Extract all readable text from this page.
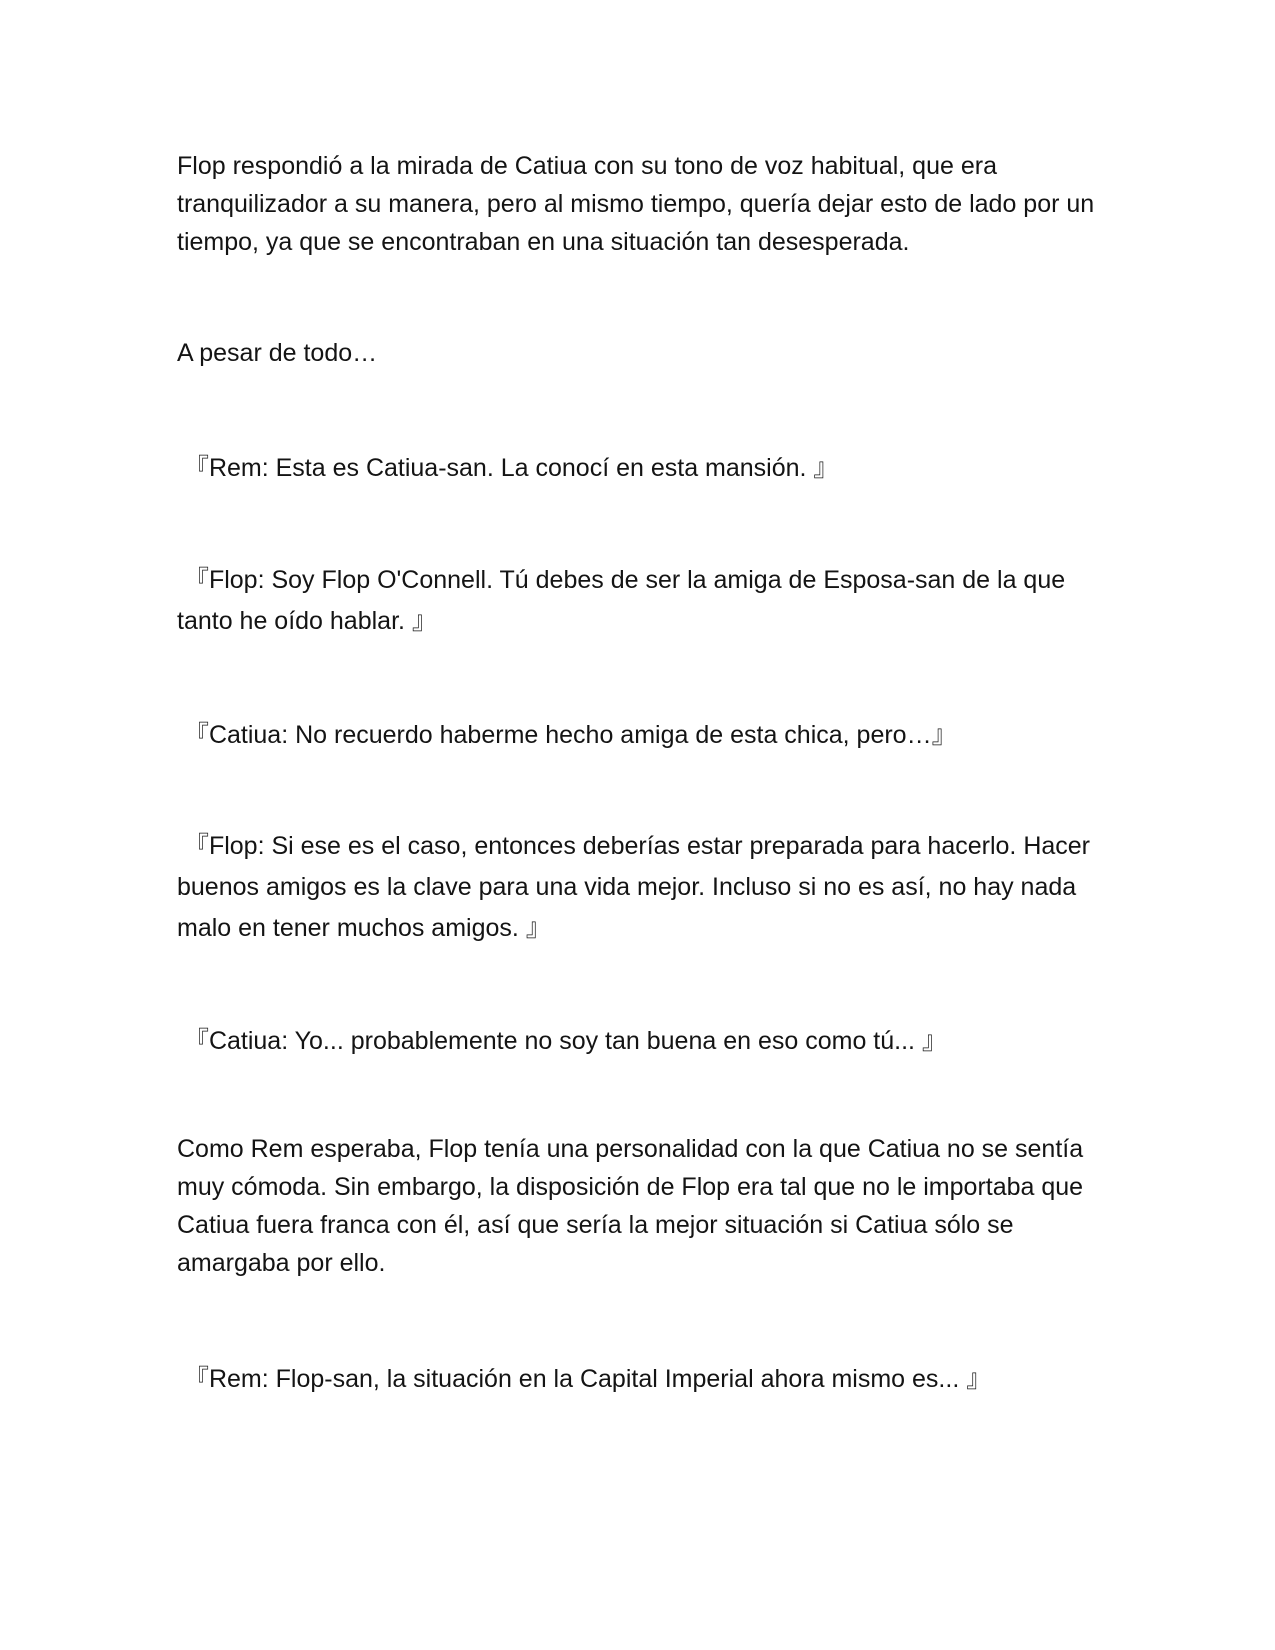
Flop respondió a la mirada de Catiua con su tono de voz habitual, que era tranquilizador a su manera, pero al mismo tiempo, quería dejar esto de lado por un tiempo, ya que se encontraban en una situación tan desesperada.

A pesar de todo…

『Rem: Esta es Catiua-san. La conocí en esta mansión. 』

『Flop: Soy Flop O'Connell. Tú debes de ser la amiga de Esposa-san de la que tanto he oído hablar. 』

『Catiua: No recuerdo haberme hecho amiga de esta chica, pero…』

『Flop: Si ese es el caso, entonces deberías estar preparada para hacerlo. Hacer buenos amigos es la clave para una vida mejor. Incluso si no es así, no hay nada malo en tener muchos amigos. 』

『Catiua: Yo... probablemente no soy tan buena en eso como tú... 』

Como Rem esperaba, Flop tenía una personalidad con la que Catiua no se sentía muy cómoda. Sin embargo, la disposición de Flop era tal que no le importaba que Catiua fuera franca con él, así que sería la mejor situación si Catiua sólo se amargaba por ello.

『Rem: Flop-san, la situación en la Capital Imperial ahora mismo es... 』
